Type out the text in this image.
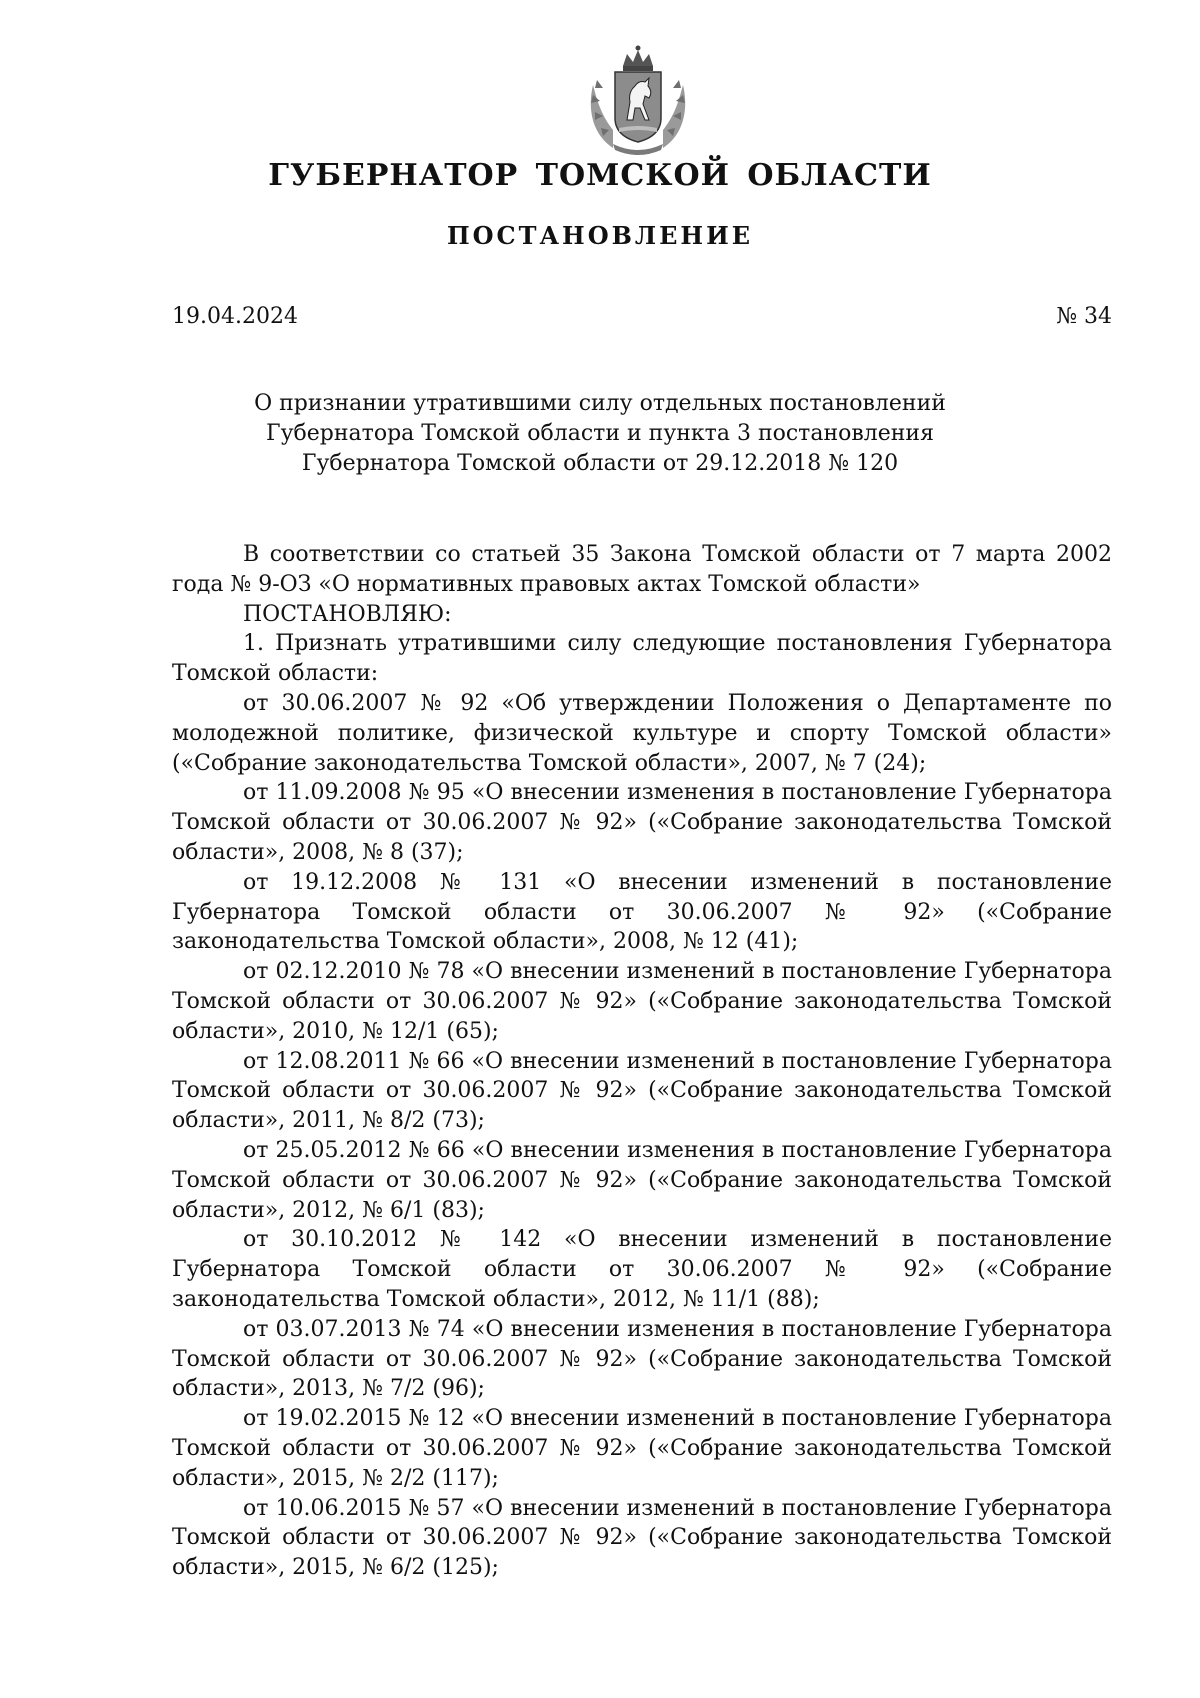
ГУБЕРНАТОР ТОМСКОЙ ОБЛАСТИ
ПОСТАНОВЛЕНИЕ
19.04.2024	№ 34
О признании утратившими силу отдельных постановлений
Губернатора Томской области и пункта 3 постановления
Губернатора Томской области от 29.12.2018 № 120

В соответствии со статьей 35 Закона Томской области от 7 марта 2002 года № 9-ОЗ «О нормативных правовых актах Томской области»

ПОСТАНОВЛЯЮ:

1. Признать утратившими силу следующие постановления Губернатора Томской области:

от 30.06.2007 № 92 «Об утверждении Положения о Департаменте по молодежной политике, физической культуре и спорту Томской области» («Собрание законодательства Томской области», 2007, № 7 (24);

от 11.09.2008 № 95 «О внесении изменения в постановление Губернатора Томской области от 30.06.2007 № 92» («Собрание законодательства Томской области», 2008, № 8 (37);

от 19.12.2008 № 131 «О внесении изменений в постановление Губернатора Томской области от 30.06.2007 № 92» («Собрание законодательства Томской области», 2008, № 12 (41);

от 02.12.2010 № 78 «О внесении изменений в постановление Губернатора Томской области от 30.06.2007 № 92» («Собрание законодательства Томской области», 2010, № 12/1 (65);

от 12.08.2011 № 66 «О внесении изменений в постановление Губернатора Томской области от 30.06.2007 № 92» («Собрание законодательства Томской области», 2011, № 8/2 (73);

от 25.05.2012 № 66 «О внесении изменения в постановление Губернатора Томской области от 30.06.2007 № 92» («Собрание законодательства Томской области», 2012, № 6/1 (83);

от 30.10.2012 № 142 «О внесении изменений в постановление Губернатора Томской области от 30.06.2007 № 92» («Собрание законодательства Томской области», 2012, № 11/1 (88);

от 03.07.2013 № 74 «О внесении изменения в постановление Губернатора Томской области от 30.06.2007 № 92» («Собрание законодательства Томской области», 2013, № 7/2 (96);

от 19.02.2015 № 12 «О внесении изменений в постановление Губернатора Томской области от 30.06.2007 № 92» («Собрание законодательства Томской области», 2015, № 2/2 (117);

от 10.06.2015 № 57 «О внесении изменений в постановление Губернатора Томской области от 30.06.2007 № 92» («Собрание законодательства Томской области», 2015, № 6/2 (125);
